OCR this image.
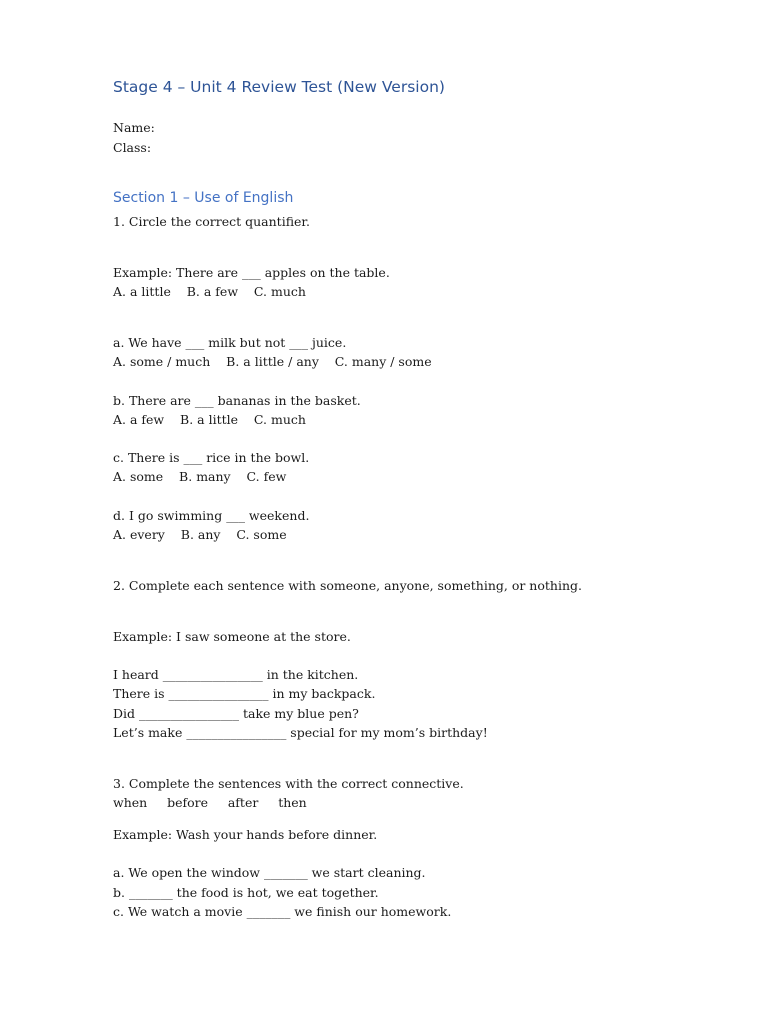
Stage 4 – Unit 4 Review Test (New Version)
Name:
Class:
Section 1 – Use of English
1. Circle the correct quantifier.
Example: There are ___ apples on the table.
A. a little    B. a few    C. much
a. We have ___ milk but not ___ juice.
A. some / much    B. a little / any    C. many / some
b. There are ___ bananas in the basket.
A. a few    B. a little    C. much
c. There is ___ rice in the bowl.
A. some    B. many    C. few
d. I go swimming ___ weekend.
A. every    B. any    C. some
2. Complete each sentence with someone, anyone, something, or nothing.
Example: I saw someone at the store.
I heard ________________ in the kitchen.
There is ________________ in my backpack.
Did ________________ take my blue pen?
Let’s make ________________ special for my mom’s birthday!
3. Complete the sentences with the correct connective.
when     before     after     then
Example: Wash your hands before dinner.
a. We open the window _______ we start cleaning.
b. _______ the food is hot, we eat together.
c. We watch a movie _______ we finish our homework.
